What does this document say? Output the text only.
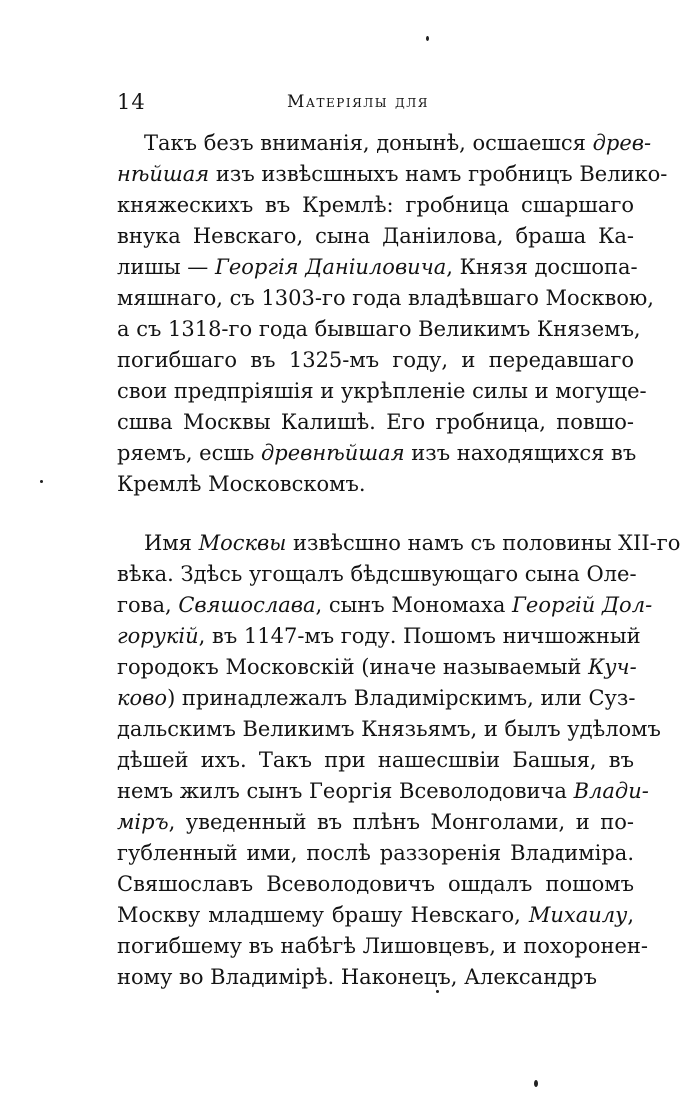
14	Матеріялы для
Такъ безъ вниманія, донынѣ, осшаешся древ-
нѣйшая изъ извѣсшныхъ намъ гробницъ Велико-
княжескихъ въ Кремлѣ: гробница сшаршаго
внука Невскаго, сына Даніилова, браша Ка-
лишы — Георгія Даніиловича, Князя досшопа-
мяшнаго, съ 1303-го года владѣвшаго Москвою,
а съ 1318-го года бывшаго Великимъ Княземъ,
погибшаго въ 1325-мъ году, и передавшаго
свои предпріяшія и укрѣпленіе силы и могуще-
сшва Москвы Калишѣ. Его гробница, повшо-
ряемъ, есшь древнѣйшая изъ находящихся въ
Кремлѣ Московскомъ.
Имя Москвы извѣсшно намъ съ половины XII-го
вѣка. Здѣсь угощалъ бѣдсшвующаго сына Оле-
гова, Свяшослава, сынъ Мономаха Георгій Дол-
горукій, въ 1147-мъ году. Пошомъ ничшожный
городокъ Московскій (иначе называемый Куч-
ково) принадлежалъ Владимірскимъ, или Суз-
дальскимъ Великимъ Князьямъ, и былъ удѣломъ
дѣшей ихъ. Такъ при нашесшвіи Башыя, въ
немъ жилъ сынъ Георгія Всеволодовича Влади-
міръ, уведенный въ плѣнъ Монголами, и по-
губленный ими, послѣ раззоренія Владиміра.
Свяшославъ Всеволодовичъ ошдалъ пошомъ
Москву младшему брашу Невскаго, Михаилу,
погибшему въ набѣгѣ Лишовцевъ, и похоронен-
ному во Владимірѣ. Наконецъ, Александръ
